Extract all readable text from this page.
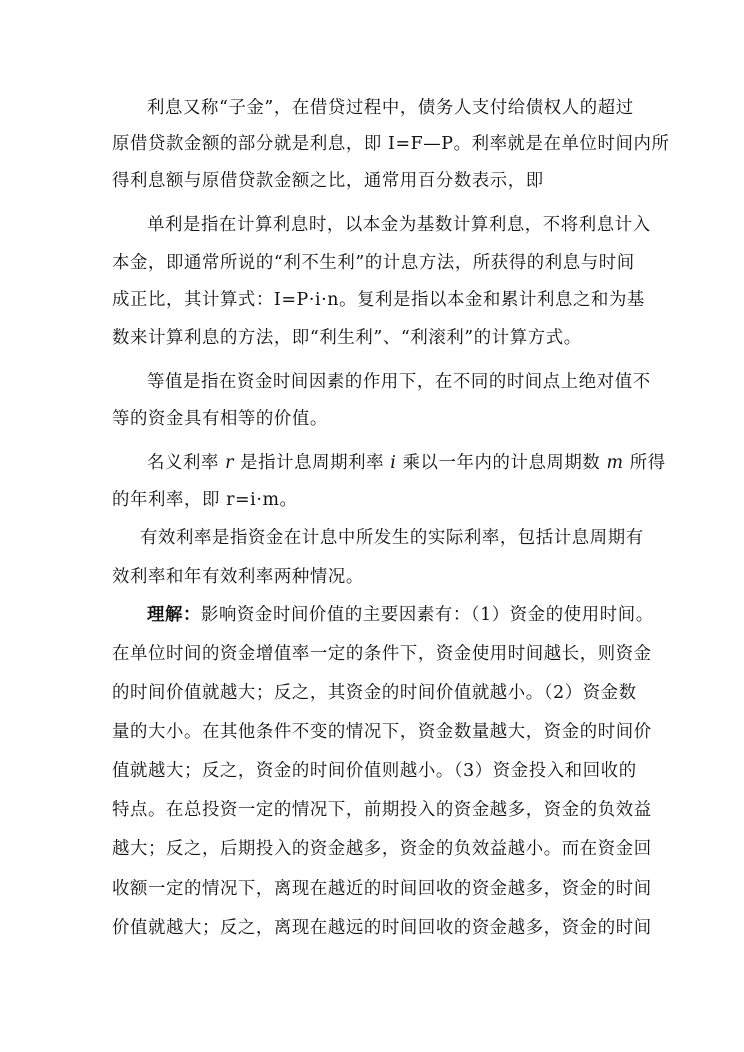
利息又称“子金”，在借贷过程中，债务人支付给债权人的超过
原借贷款金额的部分就是利息，即 I=F—P。利率就是在单位时间内所
得利息额与原借贷款金额之比，通常用百分数表示，即
单利是指在计算利息时，以本金为基数计算利息，不将利息计入
本金，即通常所说的“利不生利”的计息方法，所获得的利息与时间
成正比，其计算式：I=P·i·n。复利是指以本金和累计利息之和为基
数来计算利息的方法，即“利生利”、“利滚利”的计算方式。
等值是指在资金时间因素的作用下，在不同的时间点上绝对值不
等的资金具有相等的价值。
名义利率 r 是指计息周期利率 i 乘以一年内的计息周期数 m 所得
的年利率，即 r=i·m。
有效利率是指资金在计息中所发生的实际利率，包括计息周期有
效利率和年有效利率两种情况。
理解：影响资金时间价值的主要因素有：（1）资金的使用时间。
在单位时间的资金增值率一定的条件下，资金使用时间越长，则资金
的时间价值就越大；反之，其资金的时间价值就越小。（2）资金数
量的大小。在其他条件不变的情况下，资金数量越大，资金的时间价
值就越大；反之，资金的时间价值则越小。（3）资金投入和回收的
特点。在总投资一定的情况下，前期投入的资金越多，资金的负效益
越大；反之，后期投入的资金越多，资金的负效益越小。而在资金回
收额一定的情况下，离现在越近的时间回收的资金越多，资金的时间
价值就越大；反之，离现在越远的时间回收的资金越多，资金的时间
